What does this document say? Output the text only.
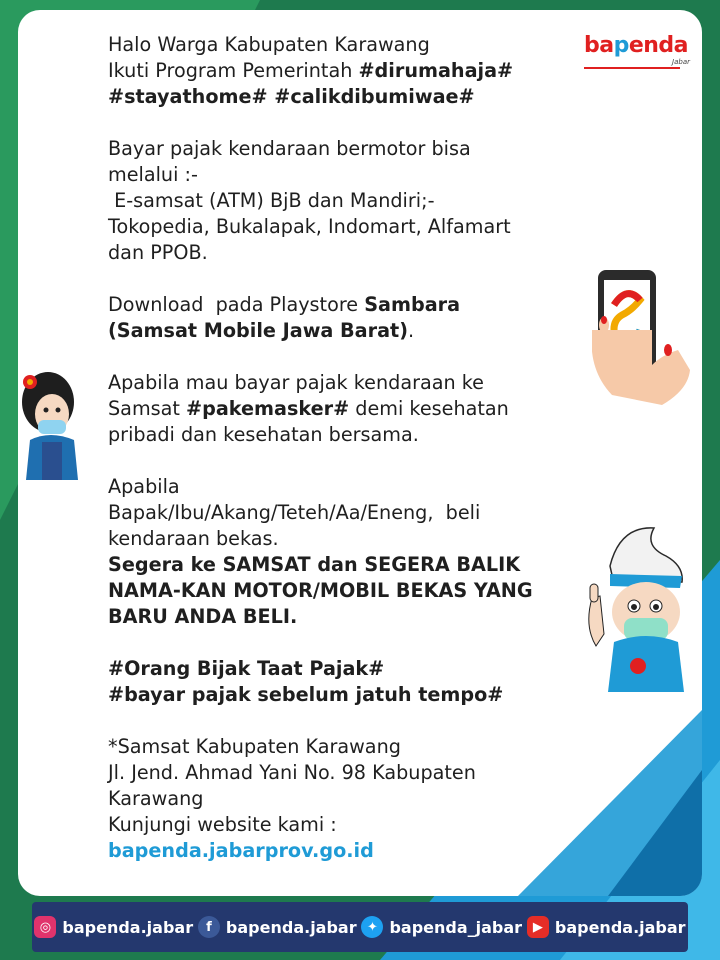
bapenda
Jabar

Halo Warga Kabupaten Karawang

Ikuti Program Pemerintah #dirumahaja#

#stayathome# #calikdibumiwae#

Bayar pajak kendaraan bermotor bisa

melalui :-

E-samsat (ATM) BjB dan Mandiri;-

Tokopedia, Bukalapak, Indomart, Alfamart

dan PPOB.

Download  pada Playstore Sambara

(Samsat Mobile Jawa Barat).

Apabila mau bayar pajak kendaraan ke

Samsat #pakemasker# demi kesehatan

pribadi dan kesehatan bersama.

Apabila

Bapak/Ibu/Akang/Teteh/Aa/Eneng,  beli

kendaraan bekas.

Segera ke SAMSAT dan SEGERA BALIK

NAMA-KAN MOTOR/MOBIL BEKAS YANG

BARU ANDA BELI.

#Orang Bijak Taat Pajak#

#bayar pajak sebelum jatuh tempo#

*Samsat Kabupaten Karawang

Jl. Jend. Ahmad Yani No. 98 Kabupaten

Karawang

Kunjungi website kami :

bapenda.jabarprov.go.id

◎ bapenda.jabar f bapenda.jabar ✦ bapenda_jabar ▶ bapenda.jabar
